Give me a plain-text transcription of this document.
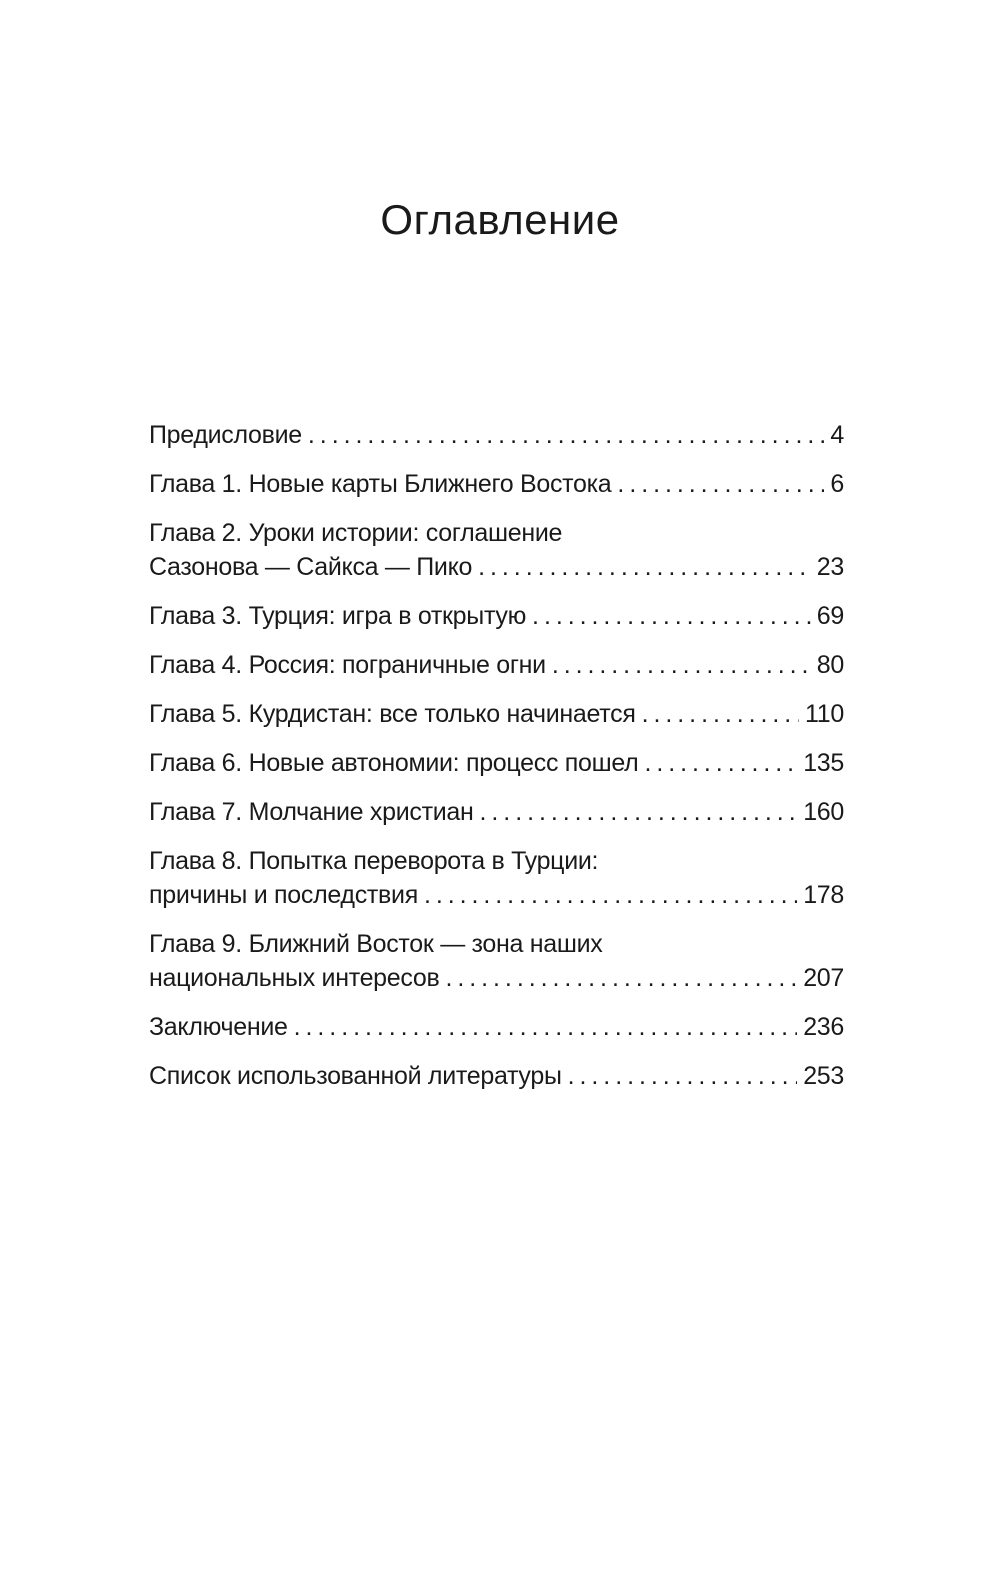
Оглавление
Предисловие . . .	4
Глава 1. Новые карты Ближнего Востока . . .	6
Глава 2. Уроки истории: соглашение
Сазонова — Сайкса — Пико . . .	23
Глава 3. Турция: игра в открытую . . .	69
Глава 4. Россия: пограничные огни . . .	80
Глава 5. Курдистан: все только начинается . . .	110
Глава 6. Новые автономии: процесс пошел . . .	135
Глава 7. Молчание христиан . . .	160
Глава 8. Попытка переворота в Турции:
причины и последствия . . .	178
Глава 9. Ближний Восток — зона наших
национальных интересов . . .	207
Заключение . . .	236
Список использованной литературы . . .	253
